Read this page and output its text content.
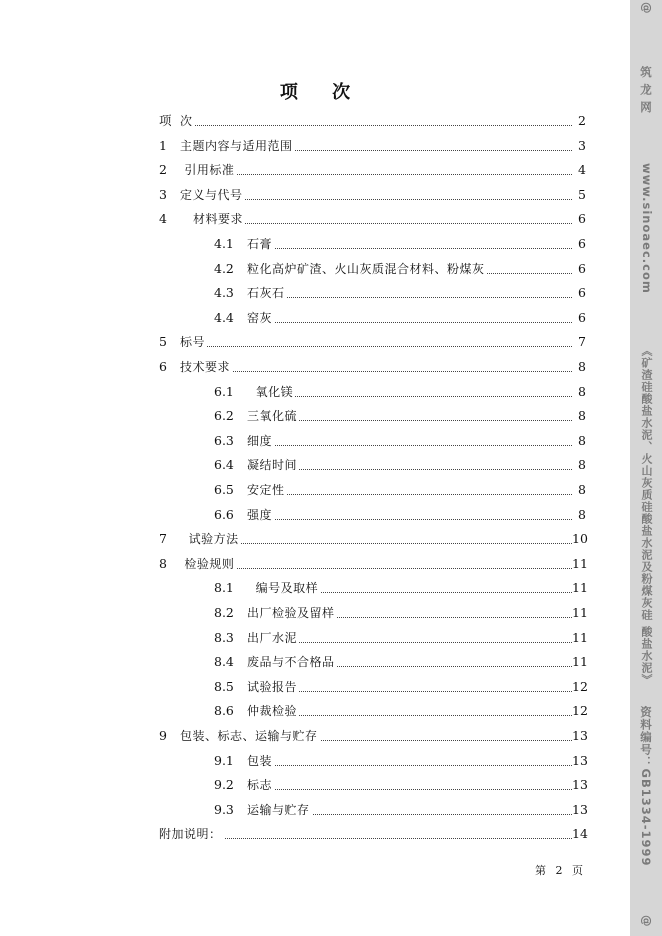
项 次
项 次	2
1 主题内容与适用范围	3
2 引用标准	4
3 定义与代号	5
4 材料要求	6
4.1 石膏	6
4.2 粒化高炉矿渣、火山灰质混合材料、粉煤灰	6
4.3 石灰石	6
4.4 窑灰	6
5 标号	7
6 技术要求	8
6.1 氧化镁	8
6.2 三氧化硫	8
6.3 细度	8
6.4 凝结时间	8
6.5 安定性	8
6.6 强度	8
7 试验方法	10
8 检验规则	11
8.1 编号及取样	11
8.2 出厂检验及留样	11
8.3 出厂水泥	11
8.4 废品与不合格品	11
8.5 试验报告	12
8.6 仲裁检验	12
9 包装、标志、运输与贮存	13
9.1 包装	13
9.2 标志	13
9.3 运输与贮存	13
附加说明：	14
第 2 页
@
筑 龙 网
www.sinoaec.com
《矿渣硅酸盐水泥、火山灰质硅酸盐水泥及粉煤灰硅 酸盐水泥》
资料编号：GB1334-1999
@
